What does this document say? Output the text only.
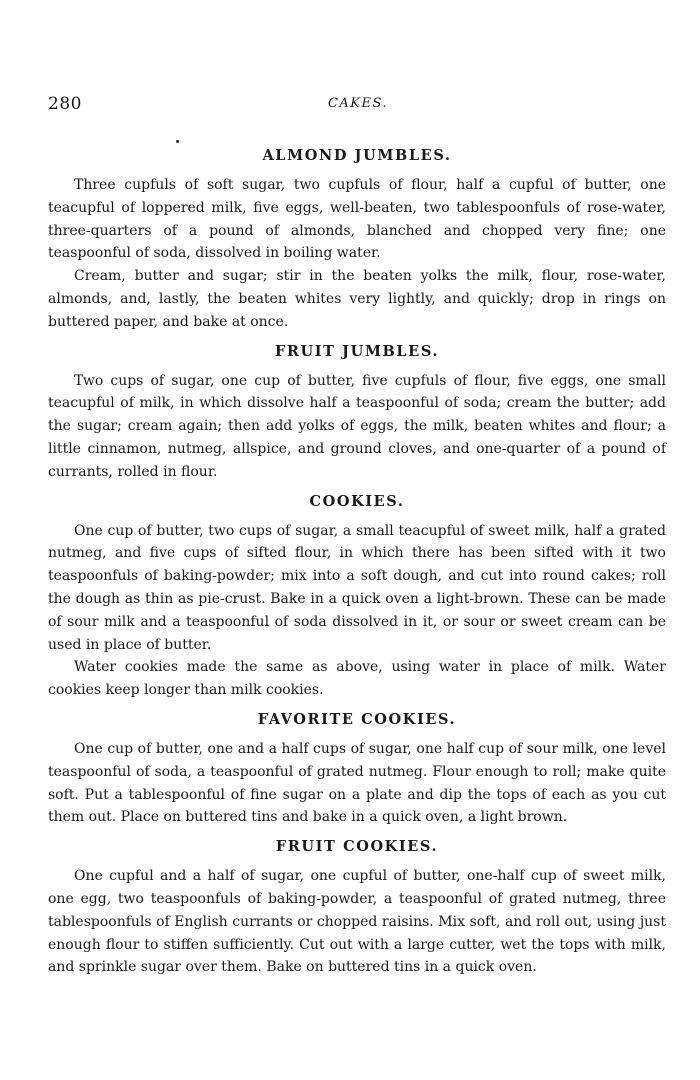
280	CAKES.
ALMOND JUMBLES.

Three cupfuls of soft sugar, two cupfuls of flour, half a cupful of butter, one teacupful of loppered milk, five eggs, well-beaten, two tablespoonfuls of rose-water, three-quarters of a pound of almonds, blanched and chopped very fine; one teaspoonful of soda, dissolved in boiling water.

Cream, butter and sugar; stir in the beaten yolks the milk, flour, rose-water, almonds, and, lastly, the beaten whites very lightly, and quickly; drop in rings on buttered paper, and bake at once.

FRUIT JUMBLES.

Two cups of sugar, one cup of butter, five cupfuls of flour, five eggs, one small teacupful of milk, in which dissolve half a teaspoonful of soda; cream the butter; add the sugar; cream again; then add yolks of eggs, the milk, beaten whites and flour; a little cinnamon, nutmeg, allspice, and ground cloves, and one-quarter of a pound of currants, rolled in flour.

COOKIES.

One cup of butter, two cups of sugar, a small teacupful of sweet milk, half a grated nutmeg, and five cups of sifted flour, in which there has been sifted with it two teaspoonfuls of baking-powder; mix into a soft dough, and cut into round cakes; roll the dough as thin as pie-crust. Bake in a quick oven a light-brown. These can be made of sour milk and a teaspoonful of soda dissolved in it, or sour or sweet cream can be used in place of butter.

Water cookies made the same as above, using water in place of milk. Water cookies keep longer than milk cookies.

FAVORITE COOKIES.

One cup of butter, one and a half cups of sugar, one half cup of sour milk, one level teaspoonful of soda, a teaspoonful of grated nutmeg. Flour enough to roll; make quite soft. Put a tablespoonful of fine sugar on a plate and dip the tops of each as you cut them out. Place on buttered tins and bake in a quick oven, a light brown.

FRUIT COOKIES.

One cupful and a half of sugar, one cupful of butter, one-half cup of sweet milk, one egg, two teaspoonfuls of baking-powder, a teaspoonful of grated nutmeg, three tablespoonfuls of English currants or chopped raisins. Mix soft, and roll out, using just enough flour to stiffen sufficiently. Cut out with a large cutter, wet the tops with milk, and sprinkle sugar over them. Bake on buttered tins in a quick oven.
